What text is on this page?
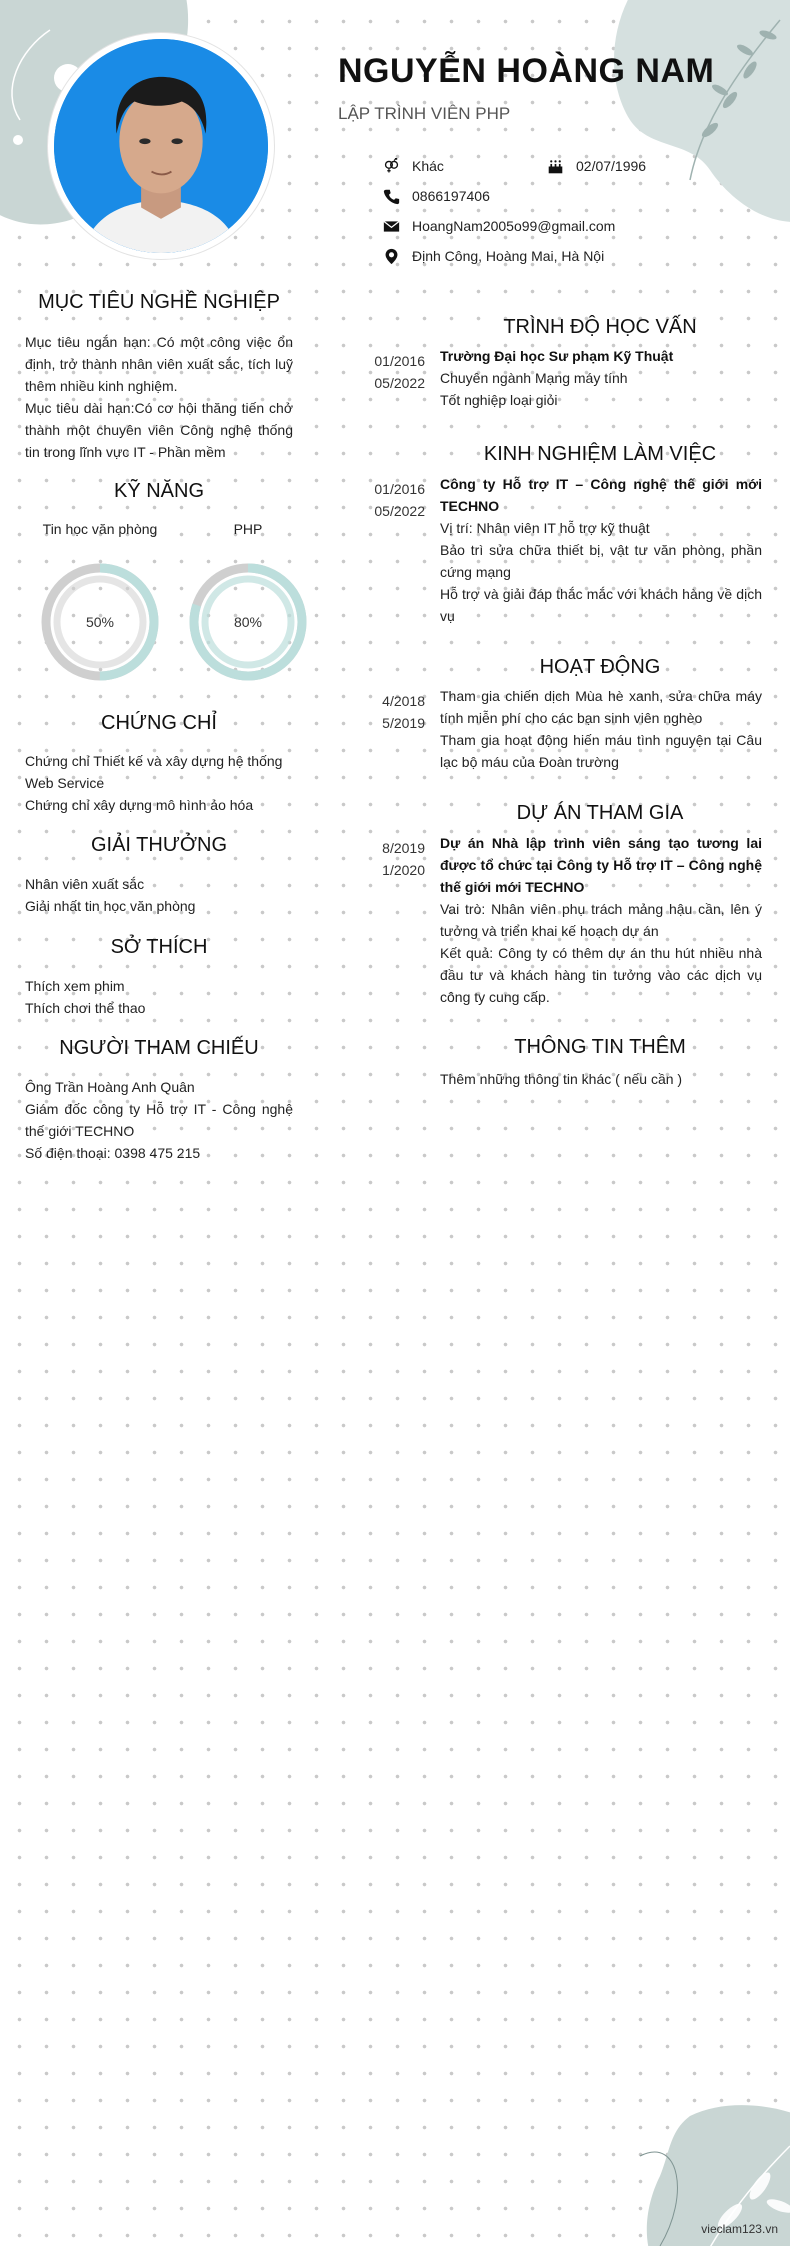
NGUYỄN HOÀNG NAM
LẬP TRÌNH VIÊN PHP
Khác	02/07/1996
0866197406
HoangNam2005o99@gmail.com
Định Công, Hoàng Mai, Hà Nội
MỤC TIÊU NGHỀ NGHIỆP

Mục tiêu ngắn hạn: Có một công việc ổn định, trở thành nhân viên xuất sắc, tích luỹ thêm nhiều kinh nghiệm.

Mục tiêu dài hạn:Có cơ hội thăng tiến chở thành một chuyên viên Công nghệ thống tin trong lĩnh vực IT - Phần mềm

KỸ NĂNG
Tin học văn phòng	PHP
50%	80%
CHỨNG CHỈ

Chứng chỉ Thiết kế và xây dựng hệ thống Web Service

Chứng chỉ xây dựng mô hình ảo hóa

GIẢI THƯỞNG

Nhân viên xuất sắc

Giải nhất tin học văn phòng

SỞ THÍCH

Thích xem phim

Thích chơi thể thao

NGƯỜI THAM CHIẾU

Ông Trần Hoàng Anh Quân

Giám đốc công ty Hỗ trợ IT - Công nghệ thế giới TECHNO

Số điện thoại: 0398 475 215

TRÌNH ĐỘ HỌC VẤN

01/2016

05/2022

Trường Đại học Sư phạm Kỹ Thuật

Chuyên ngành Mạng máy tính

Tốt nghiệp loại giỏi

KINH NGHIỆM LÀM VIỆC

01/2016

05/2022

Công ty Hỗ trợ IT – Công nghệ thế giới mới TECHNO

Vị trí: Nhân viên IT hỗ trợ kỹ thuật

Bảo trì sửa chữa thiết bị, vật tư văn phòng, phần cứng mạng

Hỗ trợ và giải đáp thắc mắc với khách hàng về dịch vụ

HOẠT ĐỘNG

4/2018

5/2019

Tham gia chiến dịch Mùa hè xanh, sửa chữa máy tính miễn phí cho các bạn sinh viên nghèo

Tham gia hoạt động hiến máu tình nguyện tại Câu lạc bộ máu của Đoàn trường

DỰ ÁN THAM GIA

8/2019

1/2020

Dự án Nhà lập trình viên sáng tạo tương lai được tổ chức tại Công ty Hỗ trợ IT – Công nghệ thế giới mới TECHNO

Vai trò: Nhân viên phụ trách mảng hậu cần, lên ý tưởng và triển khai kế hoạch dự án

Kết quả: Công ty có thêm dự án thu hút nhiều nhà đầu tư và khách hàng tin tưởng vào các dịch vụ công ty cung cấp.

THÔNG TIN THÊM
Thêm những thông tin khác ( nếu cần )
vieclam123.vn
